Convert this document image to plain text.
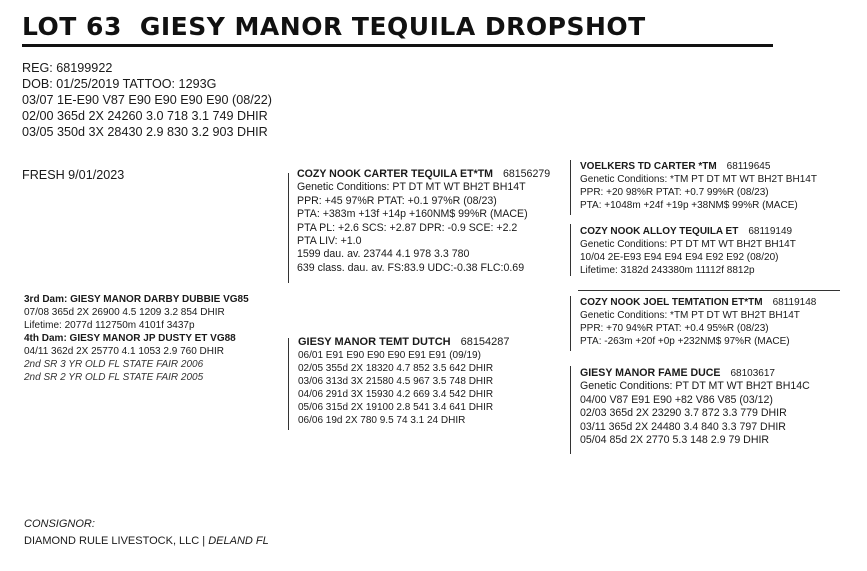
LOT 63 GIESY MANOR TEQUILA DROPSHOT
REG: 68199922
DOB: 01/25/2019 TATTOO: 1293G
03/07 1E-E90 V87 E90 E90 E90 E90 (08/22)
02/00 365d 2X 24260 3.0 718 3.1 749 DHIR
03/05 350d 3X 28430 2.9 830 3.2 903 DHIR
FRESH 9/01/2023	COZY NOOK CARTER TEQUILA ET*TM 68156279
Genetic Conditions: PT DT MT WT BH2T BH14T
PPR: +45 97%R PTAT: +0.1 97%R (08/23)
PTA: +383m +13f +14p +160NM$ 99%R (MACE)
PTA PL: +2.6 SCS: +2.87 DPR: -0.9 SCE: +2.2
PTA LIV: +1.0
1599 dau. av. 23744 4.1 978 3.3 780
639 class. dau. av. FS:83.9 UDC:-0.38 FLC:0.69
VOELKERS TD CARTER *TM 68119645
Genetic Conditions: *TM PT DT MT WT BH2T BH14T
PPR: +20 98%R PTAT: +0.7 99%R (08/23)
PTA: +1048m +24f +19p +38NM$ 99%R (MACE)
COZY NOOK ALLOY TEQUILA ET 68119149
Genetic Conditions: PT DT MT WT BH2T BH14T
10/04 2E-E93 E94 E94 E94 E92 E92 (08/20)
Lifetime: 3182d 243380m 11112f 8812p
GIESY MANOR TEMT DUTCH 68154287
06/01 E91 E90 E90 E90 E91 E91 (09/19)
02/05 355d 2X 18320 4.7 852 3.5 642 DHIR
03/06 313d 3X 21580 4.5 967 3.5 748 DHIR
04/06 291d 3X 15930 4.2 669 3.4 542 DHIR
05/06 315d 2X 19100 2.8 541 3.4 641 DHIR
06/06 19d 2X 780 9.5 74 3.1 24 DHIR
COZY NOOK JOEL TEMTATION ET*TM 68119148
Genetic Conditions: *TM PT DT WT BH2T BH14T
PPR: +70 94%R PTAT: +0.4 95%R (08/23)
PTA: -263m +20f +0p +232NM$ 97%R (MACE)
GIESY MANOR FAME DUCE 68103617
Genetic Conditions: PT DT MT WT BH2T BH14C
04/00 V87 E91 E90 +82 V86 V85 (03/12)
02/03 365d 2X 23290 3.7 872 3.3 779 DHIR
03/11 365d 2X 24480 3.4 840 3.3 797 DHIR
05/04 85d 2X 2770 5.3 148 2.9 79 DHIR
3rd Dam: GIESY MANOR DARBY DUBBIE VG85
07/08 365d 2X 26900 4.5 1209 3.2 854 DHIR
Lifetime: 2077d 112750m 4101f 3437p
4th Dam: GIESY MANOR JP DUSTY ET VG88
04/11 362d 2X 25770 4.1 1053 2.9 760 DHIR
2nd SR 3 YR OLD FL STATE FAIR 2006
2nd SR 2 YR OLD FL STATE FAIR 2005
CONSIGNOR:
DIAMOND RULE LIVESTOCK, LLC | DELAND FL
